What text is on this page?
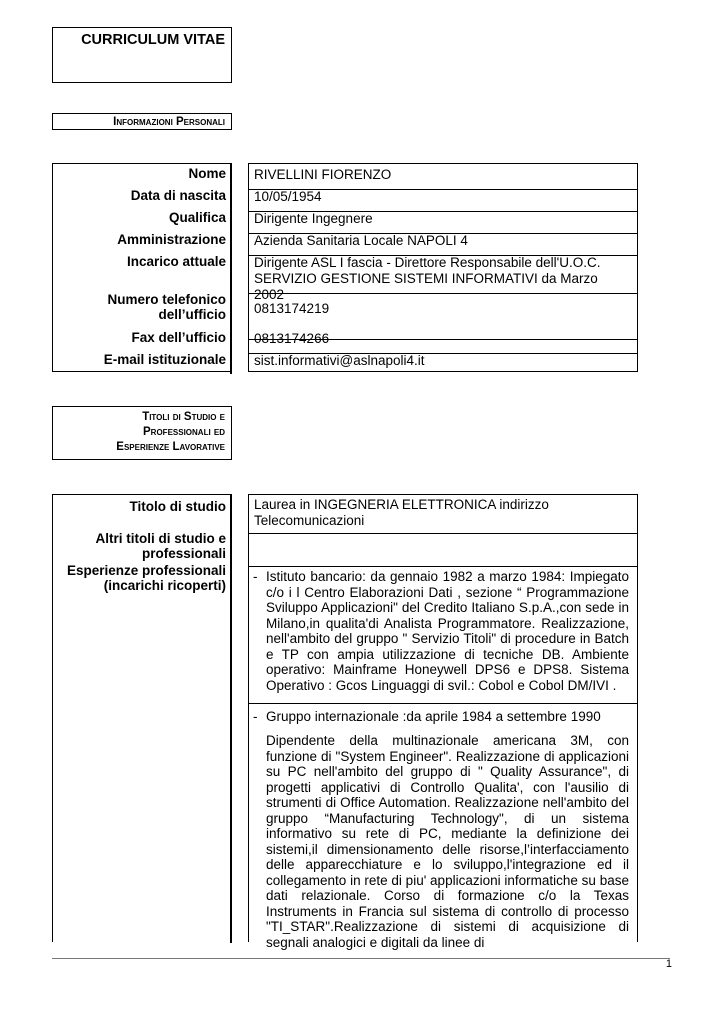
CURRICULUM VITAE
Informazioni Personali
Nome
Data di nascita
Qualifica
Amministrazione
Incarico attuale
Numero telefonico
dell’ufficio
Fax dell’ufficio
E-mail istituzionale
RIVELLINI FIORENZO
10/05/1954
Dirigente Ingegnere
Azienda Sanitaria Locale NAPOLI 4
Dirigente ASL I fascia - Direttore Responsabile dell'U.O.C.
SERVIZIO GESTIONE SISTEMI INFORMATIVI da Marzo 2002
0813174219
0813174266
sist.informativi@aslnapoli4.it
Titoli di Studio e
Professionali ed
Esperienze Lavorative
Titolo di studio
Altri titoli di studio e
professionali
Esperienze professionali
(incarichi ricoperti)
Laurea in INGEGNERIA ELETTRONICA indirizzo
Telecomunicazioni
- Istituto bancario: da gennaio 1982 a marzo 1984: Impiegato c/o i l Centro Elaborazioni Dati , sezione “ Programmazione Sviluppo Applicazioni" del Credito Italiano S.p.A.,con sede in Milano,in qualita'di Analista Programmatore. Realizzazione, nell'ambito del gruppo " Servizio Titoli" di procedure in Batch e TP con ampia utilizzazione di tecniche DB. Ambiente operativo: Mainframe Honeywell DPS6 e DPS8. Sistema Operativo : Gcos Linguaggi di svil.: Cobol e Cobol DM/IVI .
- Gruppo internazionale :da aprile 1984 a settembre 1990
Dipendente della multinazionale americana 3M, con funzione di "System Engineer". Realizzazione di applicazioni su PC nell'ambito del gruppo di " Quality Assurance", di progetti applicativi di Controllo Qualita', con l'ausilio di strumenti di Office Automation. Realizzazione nell'ambito del gruppo “Manufacturing Technology", di un sistema informativo su rete di PC, mediante la definizione dei sistemi,il dimensionamento delle risorse,l’interfacciamento delle apparecchiature e lo sviluppo,l'integrazione ed il collegamento in rete di piu' applicazioni informatiche su base dati relazionale. Corso di formazione c/o la Texas Instruments in Francia sul sistema di controllo di processo "TI_STAR".Realizzazione di sistemi di acquisizione di segnali analogici e digitali da linee di
1
